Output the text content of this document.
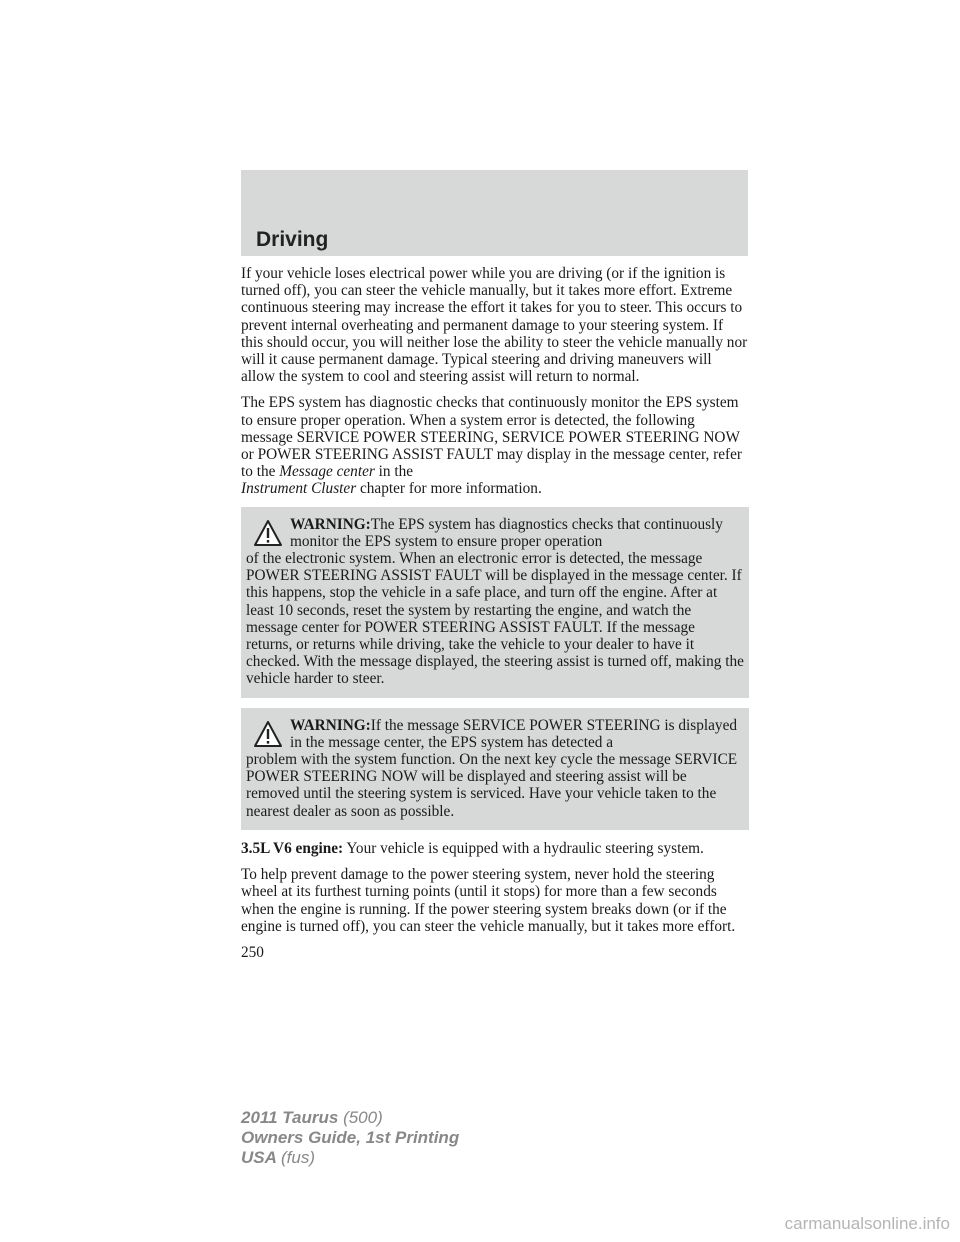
Driving

If your vehicle loses electrical power while you are driving (or if the ignition is turned off), you can steer the vehicle manually, but it takes more effort. Extreme continuous steering may increase the effort it takes for you to steer. This occurs to prevent internal overheating and permanent damage to your steering system. If this should occur, you will neither lose the ability to steer the vehicle manually nor will it cause permanent damage. Typical steering and driving maneuvers will allow the system to cool and steering assist will return to normal.

The EPS system has diagnostic checks that continuously monitor the EPS system to ensure proper operation. When a system error is detected, the following message SERVICE POWER STEERING, SERVICE POWER STEERING NOW or POWER STEERING ASSIST FAULT may display in the message center, refer to the Message center in the
Instrument Cluster chapter for more information.

WARNING:The EPS system has diagnostics checks that continuously monitor the EPS system to ensure proper operation
of the electronic system. When an electronic error is detected, the message POWER STEERING ASSIST FAULT will be displayed in the message center. If this happens, stop the vehicle in a safe place, and turn off the engine. After at least 10 seconds, reset the system by restarting the engine, and watch the message center for POWER STEERING ASSIST FAULT. If the message returns, or returns while driving, take the vehicle to your dealer to have it checked. With the message displayed, the steering assist is turned off, making the vehicle harder to steer.
WARNING:If the message SERVICE POWER STEERING is displayed in the message center, the EPS system has detected a
problem with the system function. On the next key cycle the message SERVICE POWER STEERING NOW will be displayed and steering assist will be removed until the steering system is serviced. Have your vehicle taken to the nearest dealer as soon as possible.

3.5L V6 engine: Your vehicle is equipped with a hydraulic steering system.

To help prevent damage to the power steering system, never hold the steering wheel at its furthest turning points (until it stops) for more than a few seconds when the engine is running. If the power steering system breaks down (or if the engine is turned off), you can steer the vehicle manually, but it takes more effort.

250

2011 Taurus (500)
Owners Guide, 1st Printing
USA (fus)
carmanualsonline.info
